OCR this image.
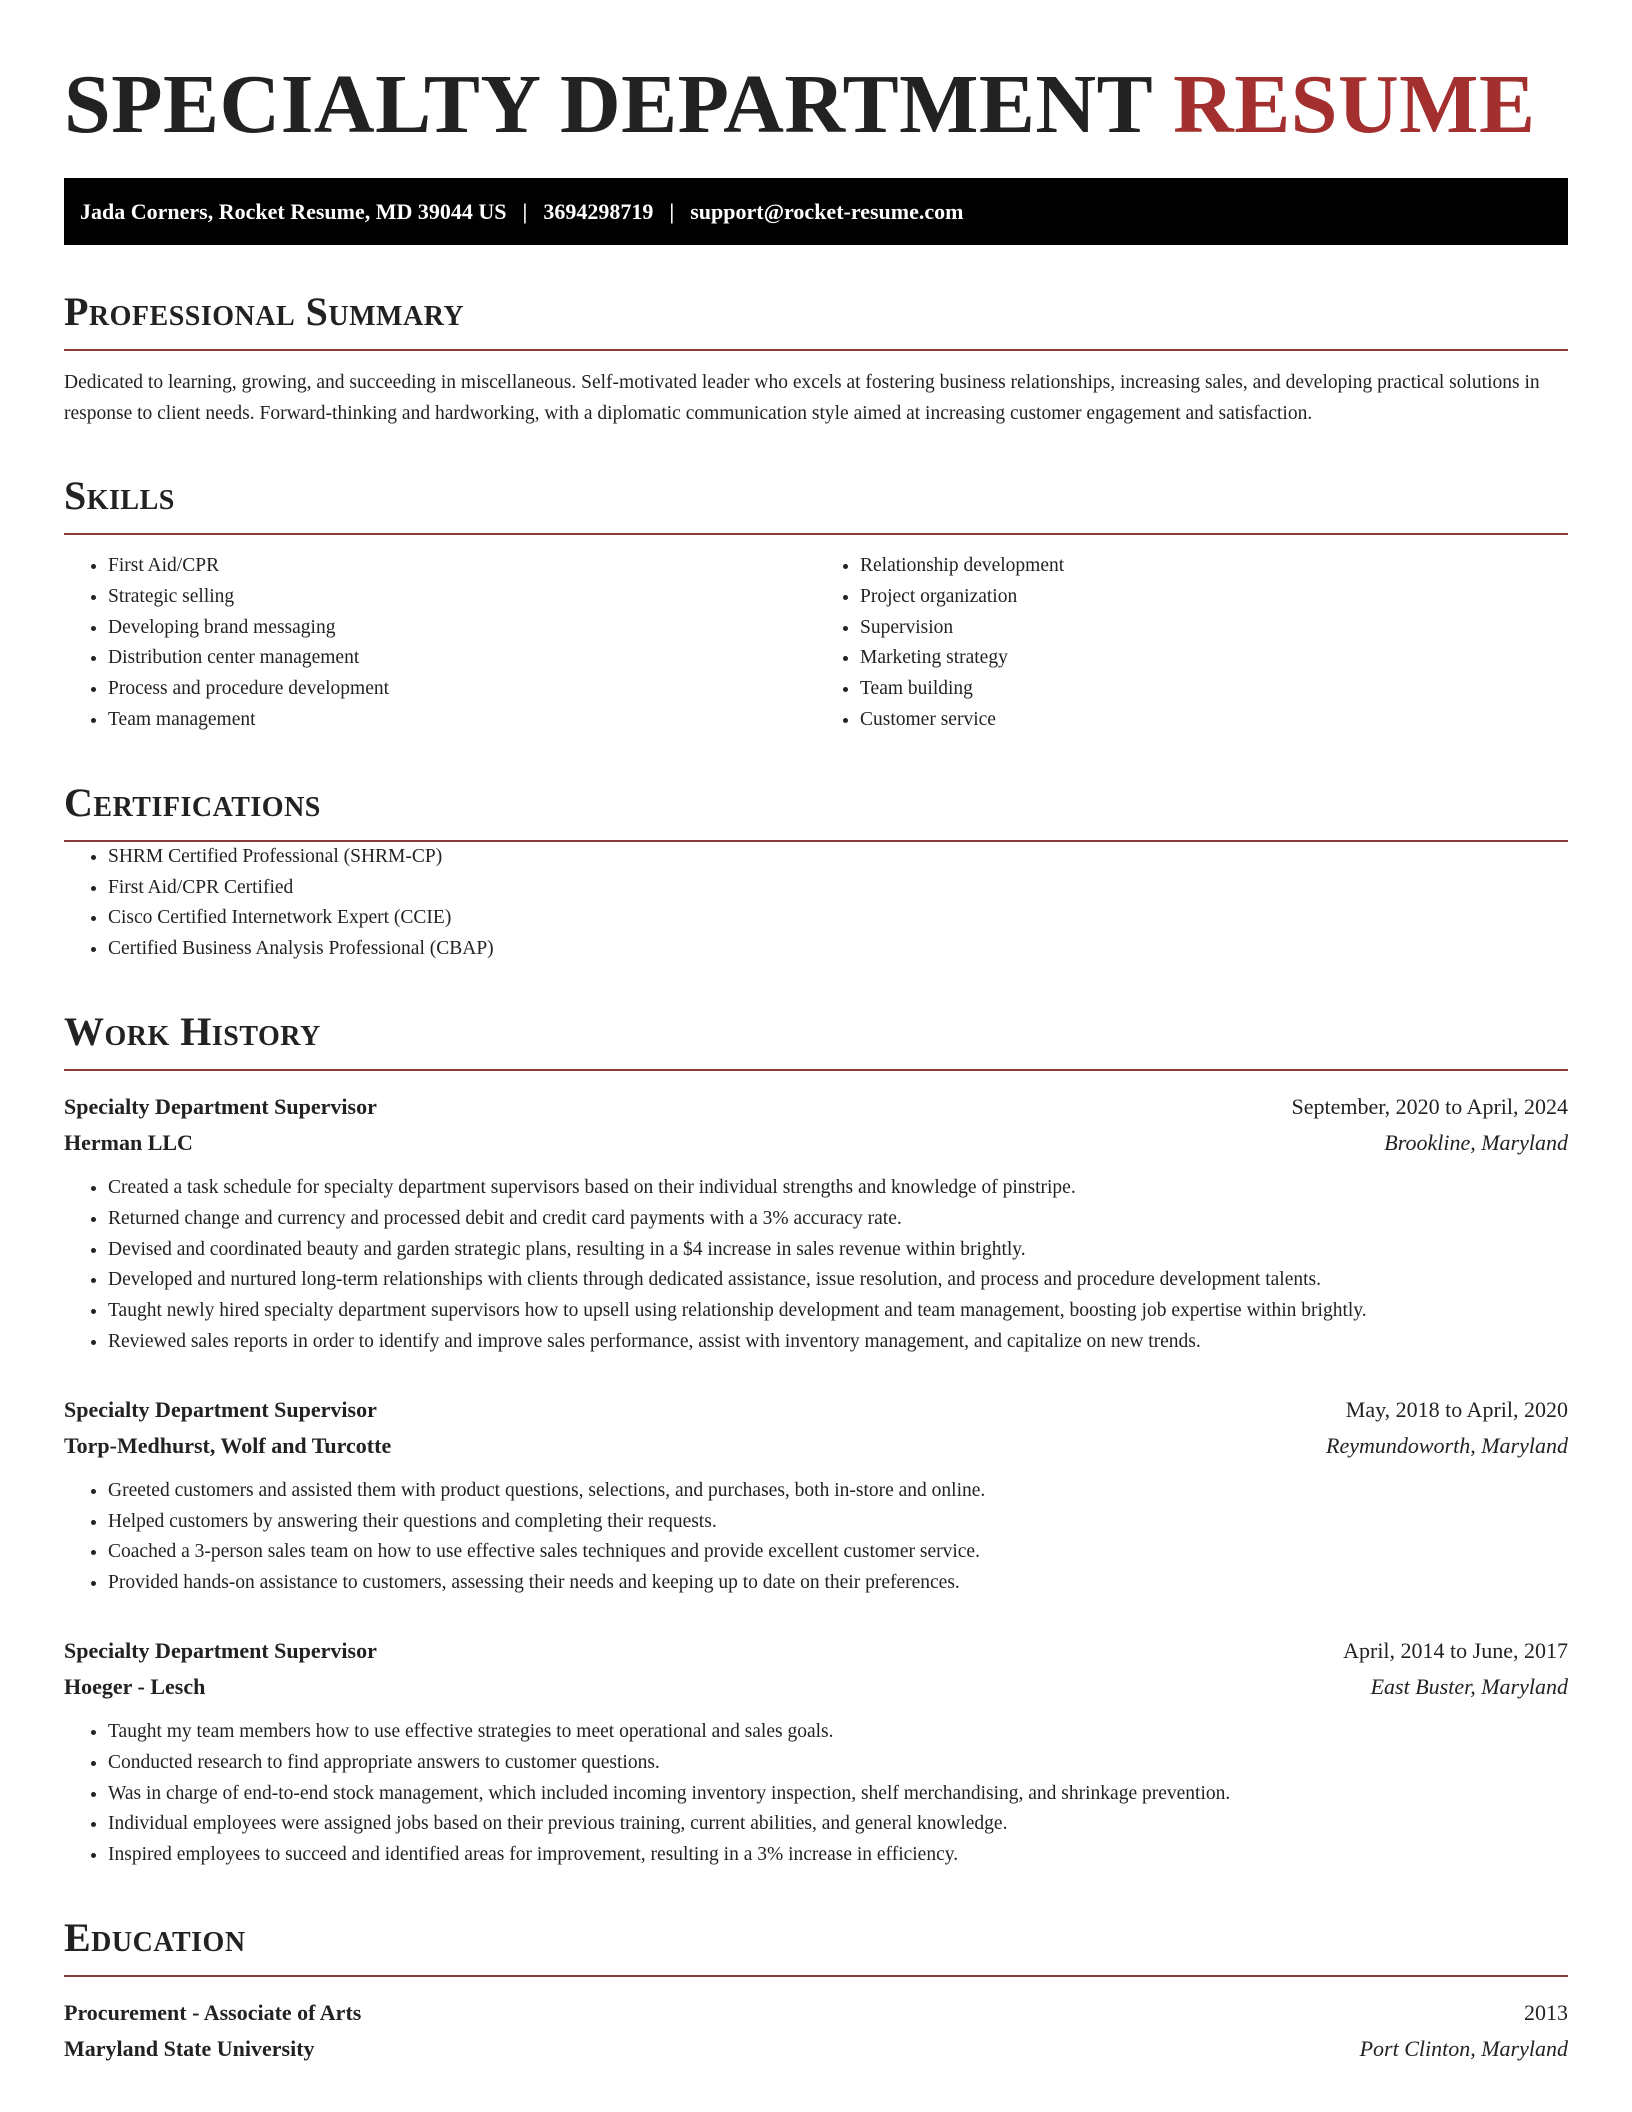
SPECIALTY DEPARTMENT RESUME
Jada Corners, Rocket Resume, MD 39044 US | 3694298719 | support@rocket-resume.com
Professional Summary

Dedicated to learning, growing, and succeeding in miscellaneous. Self-motivated leader who excels at fostering business relationships, increasing sales, and developing practical solutions in response to client needs. Forward-thinking and hardworking, with a diplomatic communication style aimed at increasing customer engagement and satisfaction.

Skills
• First Aid/CPR
• Strategic selling
• Developing brand messaging
• Distribution center management
• Process and procedure development
• Team management
• Relationship development
• Project organization
• Supervision
• Marketing strategy
• Team building
• Customer service
Certifications
• SHRM Certified Professional (SHRM-CP)
• First Aid/CPR Certified
• Cisco Certified Internetwork Expert (CCIE)
• Certified Business Analysis Professional (CBAP)
Work History
Specialty Department Supervisor	September, 2020 to April, 2024
Herman LLC	Brookline, Maryland
• Created a task schedule for specialty department supervisors based on their individual strengths and knowledge of pinstripe.
• Returned change and currency and processed debit and credit card payments with a 3% accuracy rate.
• Devised and coordinated beauty and garden strategic plans, resulting in a $4 increase in sales revenue within brightly.
• Developed and nurtured long-term relationships with clients through dedicated assistance, issue resolution, and process and procedure development talents.
• Taught newly hired specialty department supervisors how to upsell using relationship development and team management, boosting job expertise within brightly.
• Reviewed sales reports in order to identify and improve sales performance, assist with inventory management, and capitalize on new trends.
Specialty Department Supervisor	May, 2018 to April, 2020
Torp-Medhurst, Wolf and Turcotte	Reymundoworth, Maryland
• Greeted customers and assisted them with product questions, selections, and purchases, both in-store and online.
• Helped customers by answering their questions and completing their requests.
• Coached a 3-person sales team on how to use effective sales techniques and provide excellent customer service.
• Provided hands-on assistance to customers, assessing their needs and keeping up to date on their preferences.
Specialty Department Supervisor	April, 2014 to June, 2017
Hoeger - Lesch	East Buster, Maryland
• Taught my team members how to use effective strategies to meet operational and sales goals.
• Conducted research to find appropriate answers to customer questions.
• Was in charge of end-to-end stock management, which included incoming inventory inspection, shelf merchandising, and shrinkage prevention.
• Individual employees were assigned jobs based on their previous training, current abilities, and general knowledge.
• Inspired employees to succeed and identified areas for improvement, resulting in a 3% increase in efficiency.
Education
Procurement - Associate of Arts	2013
Maryland State University	Port Clinton, Maryland
